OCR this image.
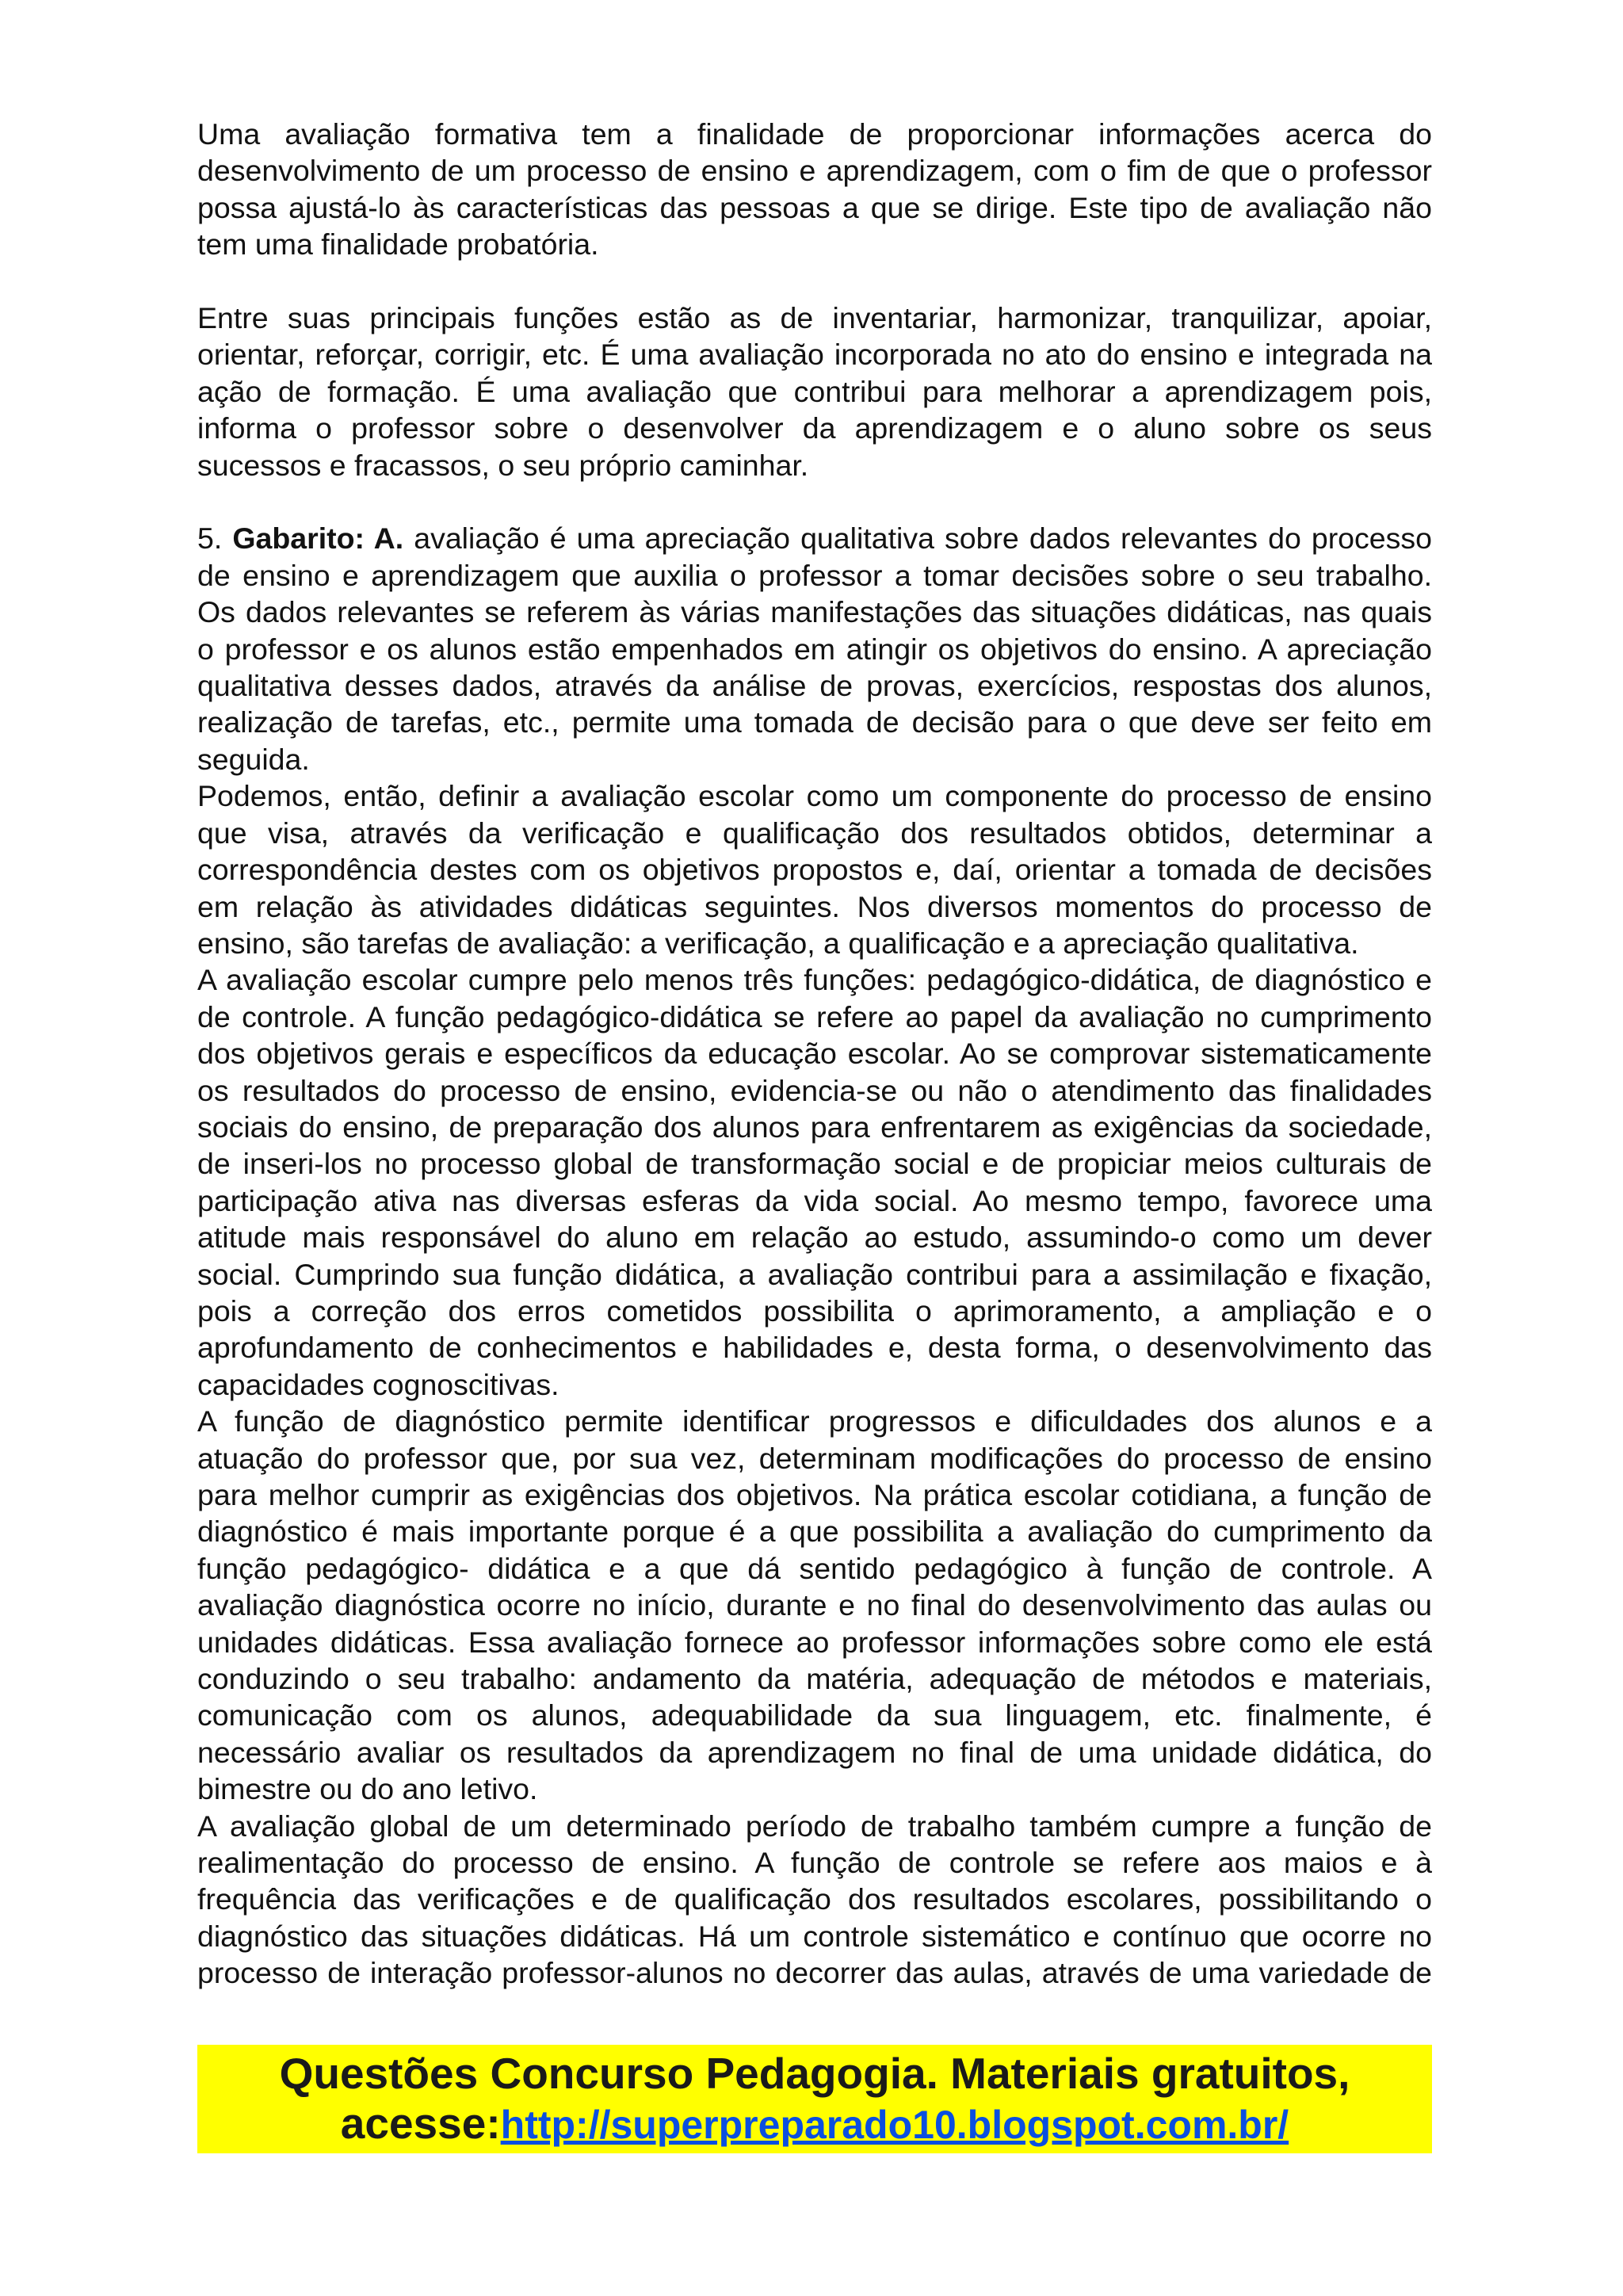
Uma avaliação formativa tem a finalidade de proporcionar informações acerca do
desenvolvimento de um processo de ensino e aprendizagem, com o fim de que o professor
possa ajustá-lo às características das pessoas a que se dirige. Este tipo de avaliação não
tem uma finalidade probatória.
Entre suas principais funções estão as de inventariar, harmonizar, tranquilizar, apoiar,
orientar, reforçar, corrigir, etc. É uma avaliação incorporada no ato do ensino e integrada na
ação de formação. É uma avaliação que contribui para melhorar a aprendizagem pois,
informa o professor sobre o desenvolver da aprendizagem e o aluno sobre os seus
sucessos e fracassos, o seu próprio caminhar.
5. Gabarito: A. avaliação é uma apreciação qualitativa sobre dados relevantes do processo
de ensino e aprendizagem que auxilia o professor a tomar decisões sobre o seu trabalho.
Os dados relevantes se referem às várias manifestações das situações didáticas, nas quais
o professor e os alunos estão empenhados em atingir os objetivos do ensino. A apreciação
qualitativa desses dados, através da análise de provas, exercícios, respostas dos alunos,
realização de tarefas, etc., permite uma tomada de decisão para o que deve ser feito em
seguida.
Podemos, então, definir a avaliação escolar como um componente do processo de ensino
que visa, através da verificação e qualificação dos resultados obtidos, determinar a
correspondência destes com os objetivos propostos e, daí, orientar a tomada de decisões
em relação às atividades didáticas seguintes. Nos diversos momentos do processo de
ensino, são tarefas de avaliação: a verificação, a qualificação e a apreciação qualitativa.
A avaliação escolar cumpre pelo menos três funções: pedagógico-didática, de diagnóstico e
de controle. A função pedagógico-didática se refere ao papel da avaliação no cumprimento
dos objetivos gerais e específicos da educação escolar. Ao se comprovar sistematicamente
os resultados do processo de ensino, evidencia-se ou não o atendimento das finalidades
sociais do ensino, de preparação dos alunos para enfrentarem as exigências da sociedade,
de inseri-los no processo global de transformação social e de propiciar meios culturais de
participação ativa nas diversas esferas da vida social. Ao mesmo tempo, favorece uma
atitude mais responsável do aluno em relação ao estudo, assumindo-o como um dever
social. Cumprindo sua função didática, a avaliação contribui para a assimilação e fixação,
pois a correção dos erros cometidos possibilita o aprimoramento, a ampliação e o
aprofundamento de conhecimentos e habilidades e, desta forma, o desenvolvimento das
capacidades cognoscitivas.
A função de diagnóstico permite identificar progressos e dificuldades dos alunos e a
atuação do professor que, por sua vez, determinam modificações do processo de ensino
para melhor cumprir as exigências dos objetivos. Na prática escolar cotidiana, a função de
diagnóstico é mais importante porque é a que possibilita a avaliação do cumprimento da
função pedagógico- didática e a que dá sentido pedagógico à função de controle. A
avaliação diagnóstica ocorre no início, durante e no final do desenvolvimento das aulas ou
unidades didáticas. Essa avaliação fornece ao professor informações sobre como ele está
conduzindo o seu trabalho: andamento da matéria, adequação de métodos e materiais,
comunicação com os alunos, adequabilidade da sua linguagem, etc. finalmente, é
necessário avaliar os resultados da aprendizagem no final de uma unidade didática, do
bimestre ou do ano letivo.
A avaliação global de um determinado período de trabalho também cumpre a função de
realimentação do processo de ensino. A função de controle se refere aos maios e à
frequência das verificações e de qualificação dos resultados escolares, possibilitando o
diagnóstico das situações didáticas. Há um controle sistemático e contínuo que ocorre no
processo de interação professor-alunos no decorrer das aulas, através de uma variedade de
Questões Concurso Pedagogia. Materiais gratuitos,
acesse:http://superpreparado10.blogspot.com.br/
